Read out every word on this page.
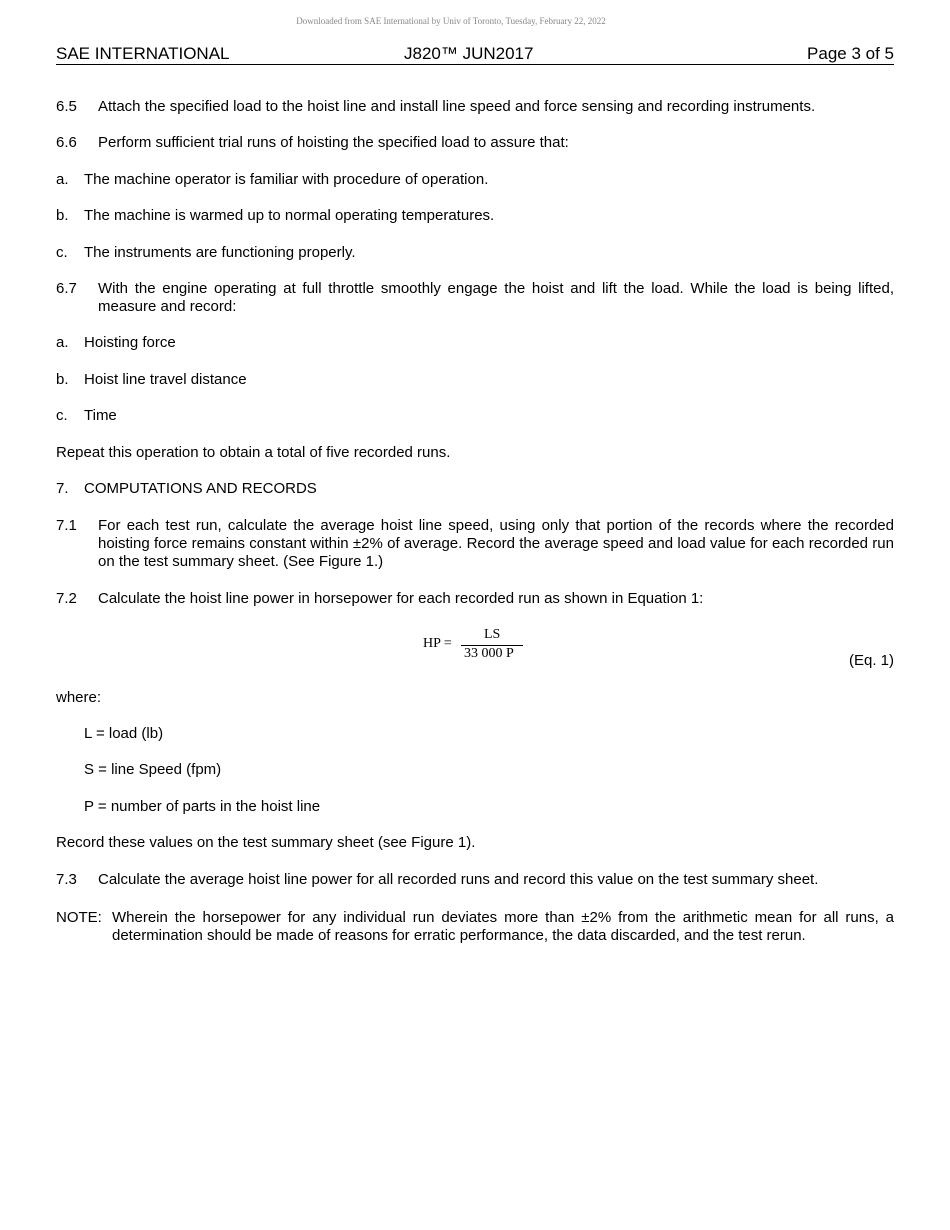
Downloaded from SAE International by Univ of Toronto, Tuesday, February 22, 2022
SAE INTERNATIONAL	J820™ JUN2017	Page 3 of 5
6.5	Attach the specified load to the hoist line and install line speed and force sensing and recording instruments.
6.6	Perform sufficient trial runs of hoisting the specified load to assure that:
a.	The machine operator is familiar with procedure of operation.
b.	The machine is warmed up to normal operating temperatures.
c.	The instruments are functioning properly.
6.7	With the engine operating at full throttle smoothly engage the hoist and lift the load. While the load is being lifted, measure and record:
a.	Hoisting force
b.	Hoist line travel distance
c.	Time
Repeat this operation to obtain a total of five recorded runs.
7.	COMPUTATIONS AND RECORDS
7.1	For each test run, calculate the average hoist line speed, using only that portion of the records where the recorded hoisting force remains constant within ±2% of average. Record the average speed and load value for each recorded run on the test summary sheet. (See Figure 1.)
7.2	Calculate the hoist line power in horsepower for each recorded run as shown in Equation 1:
HP =
LS
33 000 P	(Eq. 1)
where:
L = load (lb)
S = line Speed (fpm)
P = number of parts in the hoist line
Record these values on the test summary sheet (see Figure 1).
7.3	Calculate the average hoist line power for all recorded runs and record this value on the test summary sheet.
NOTE: Wherein the horsepower for any individual run deviates more than ±2% from the arithmetic mean for all runs, a determination should be made of reasons for erratic performance, the data discarded, and the test rerun.
